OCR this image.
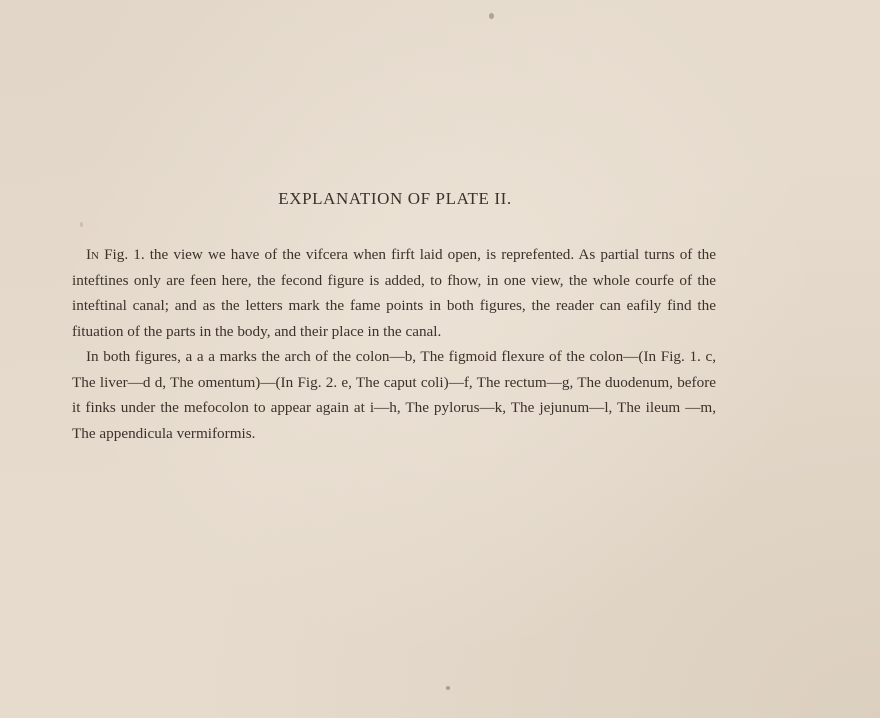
EXPLANATION OF PLATE II.

In Fig. 1. the view we have of the vifcera when firft laid open, is reprefented. As partial turns of the inteftines only are feen here, the fecond figure is added, to fhow, in one view, the whole courfe of the inteftinal canal; and as the letters mark the fame points in both figures, the reader can eafily find the fituation of the parts in the body, and their place in the canal.

In both figures, a a a marks the arch of the colon—b, The figmoid flexure of the colon—(In Fig. 1. c, The liver—d d, The omentum)—(In Fig. 2. e, The caput coli)—f, The rectum—g, The duodenum, before it finks under the mefocolon to appear again at i—h, The pylorus—k, The jejunum—l, The ileum —m, The appendicula vermiformis.
